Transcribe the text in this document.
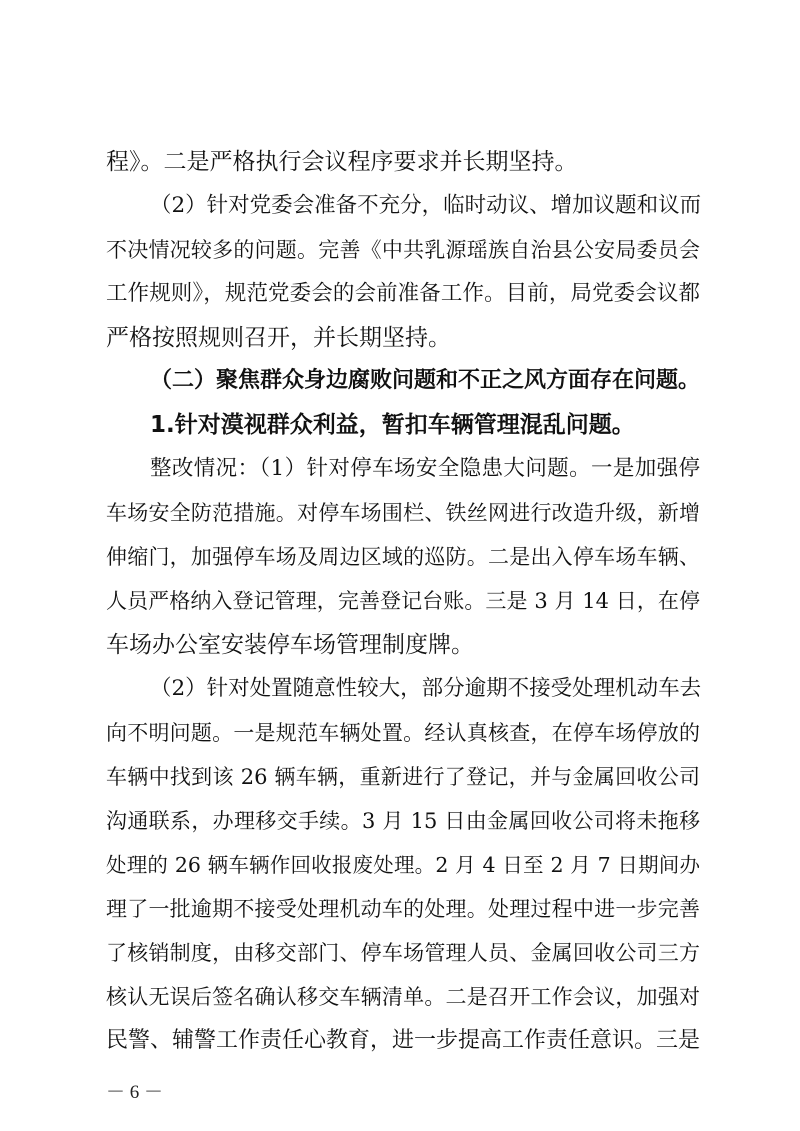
程》。二是严格执行会议程序要求并长期坚持。
（2）针对党委会准备不充分，临时动议、增加议题和议而
不决情况较多的问题。完善《中共乳源瑶族自治县公安局委员会
工作规则》，规范党委会的会前准备工作。目前，局党委会议都
严格按照规则召开，并长期坚持。
（二）聚焦群众身边腐败问题和不正之风方面存在问题。
1.针对漠视群众利益，暂扣车辆管理混乱问题。
整改情况：（1）针对停车场安全隐患大问题。一是加强停
车场安全防范措施。对停车场围栏、铁丝网进行改造升级，新增
伸缩门，加强停车场及周边区域的巡防。二是出入停车场车辆、
人员严格纳入登记管理，完善登记台账。三是 3 月 14 日，在停
车场办公室安装停车场管理制度牌。
（2）针对处置随意性较大，部分逾期不接受处理机动车去
向不明问题。一是规范车辆处置。经认真核查，在停车场停放的
车辆中找到该 26 辆车辆，重新进行了登记，并与金属回收公司
沟通联系，办理移交手续。3 月 15 日由金属回收公司将未拖移
处理的 26 辆车辆作回收报废处理。2 月 4 日至 2 月 7 日期间办
理了一批逾期不接受处理机动车的处理。处理过程中进一步完善
了核销制度，由移交部门、停车场管理人员、金属回收公司三方
核认无误后签名确认移交车辆清单。二是召开工作会议，加强对
民警、辅警工作责任心教育，进一步提高工作责任意识。三是
－ 6 －
